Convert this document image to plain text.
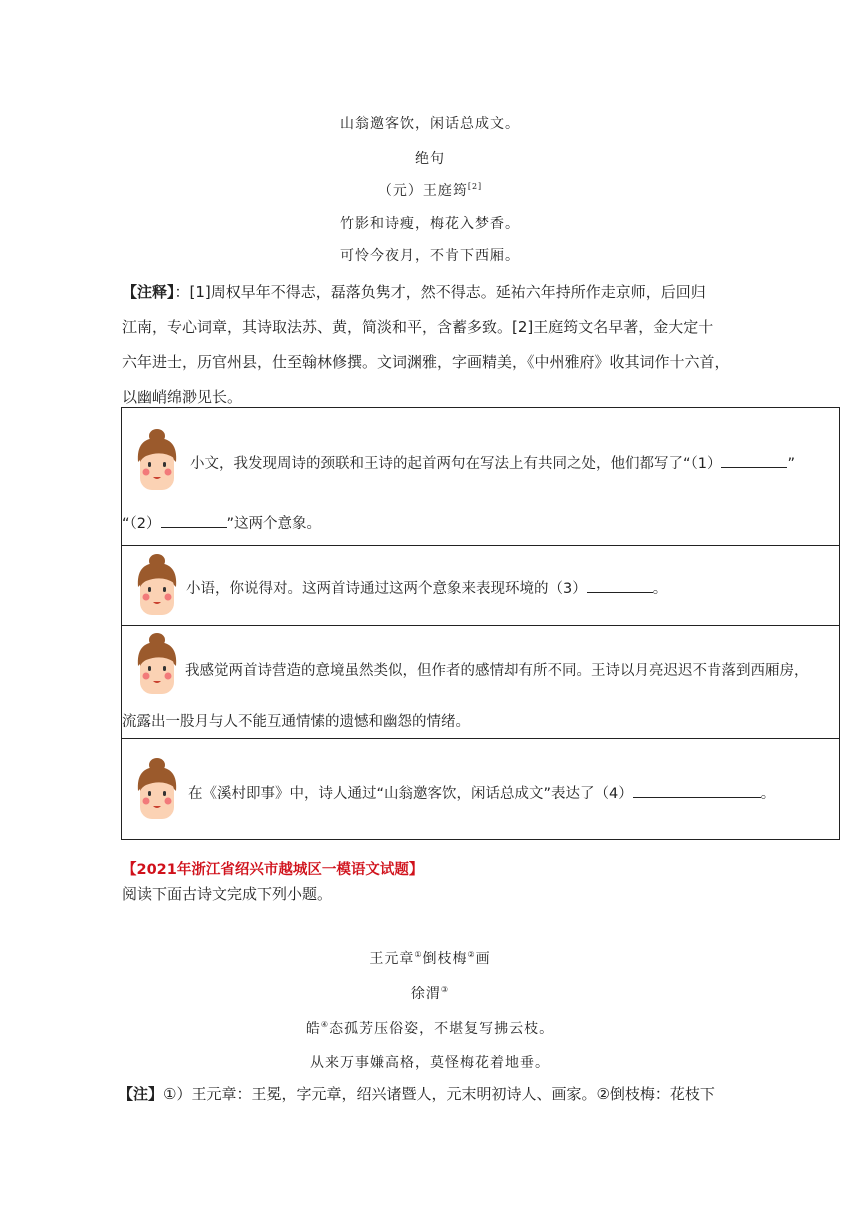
山翁邀客饮，闲话总成文。
绝句
（元）王庭筠[2]
竹影和诗瘦，梅花入梦香。
可怜今夜月，不肯下西厢。
【注释】：[1]周权早年不得志，磊落负隽才，然不得志。延祐六年持所作走京师，后回归
江南，专心词章，其诗取法苏、黄，简淡和平，含蓄多致。[2]王庭筠文名早著，金大定十
六年进士，历官州县，仕至翰林修撰。文词渊雅，字画精美，《中州雅府》收其词作十六首，
以幽峭绵渺见长。
小文，我发现周诗的颈联和王诗的起首两句在写法上有共同之处，他们都写了“（1）	”
“（2）	”这两个意象。
小语，你说得对。这两首诗通过这两个意象来表现环境的（3）	。
我感觉两首诗营造的意境虽然类似，但作者的感情却有所不同。王诗以月亮迟迟不肯落到西厢房，
流露出一股月与人不能互通情愫的遗憾和幽怨的情绪。
在《溪村即事》中，诗人通过“山翁邀客饮，闲话总成文”表达了（4）	。
【2021年浙江省绍兴市越城区一模语文试题】
阅读下面古诗文完成下列小题。
王元章①倒枝梅②画
徐渭③
皓④态孤芳压俗姿，不堪复写拂云枝。
从来万事嫌高格，莫怪梅花着地垂。
【注】①）王元章：王冕，字元章，绍兴诸暨人，元末明初诗人、画家。②倒枝梅：花枝下
